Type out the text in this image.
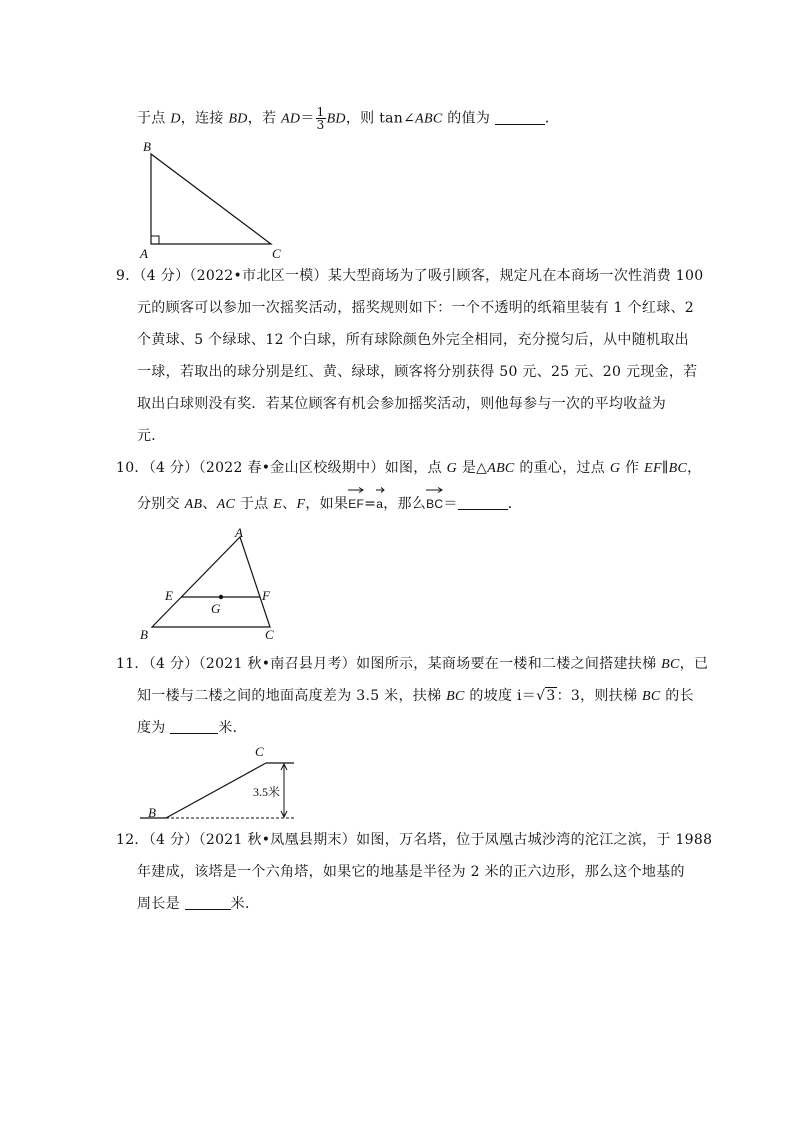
于点 D，连接 BD，若 $AD= \frac{1}{3}$ BD，则 tan∠ABC 的值为	．
B
A	C
9．（4 分）（2022•市北区一模）某大型商场为了吸引顾客，规定凡在本商场一次性消费 100
元的顾客可以参加一次摇奖活动，摇奖规则如下：一个不透明的纸箱里装有 1 个红球、2
个黄球、5 个绿球、12 个白球，所有球除颜色外完全相同，充分搅匀后，从中随机取出
一球，若取出的球分别是红、黄、绿球，顾客将分别获得 50 元、25 元、20 元现金，若
取出白球则没有奖．若某位顾客有机会参加摇奖活动，则他每参与一次的平均收益为
元．
10．（4 分）（2022 春•金山区校级期中）如图，点 G 是△ABC 的重心，过点 G 作 EF∥BC，
分别交 AB、AC 于点 E、F，如果
EF=
a，那么
BC＝	．
A
E	F
G
B	C
11．（4 分）（2021 秋•南召县月考）如图所示，某商场要在一楼和二楼之间搭建扶梯 BC，已
知一楼与二楼之间的地面高度差为 3.5 米，扶梯 BC 的坡度 i＝√3：3，则扶梯 BC 的长
度为	米．
C
B
3.5米
12．（4 分）（2021 秋•凤凰县期末）如图，万名塔，位于凤凰古城沙湾的沱江之滨，于 1988
年建成，该塔是一个六角塔，如果它的地基是半径为 2 米的正六边形，那么这个地基的
周长是	米．
